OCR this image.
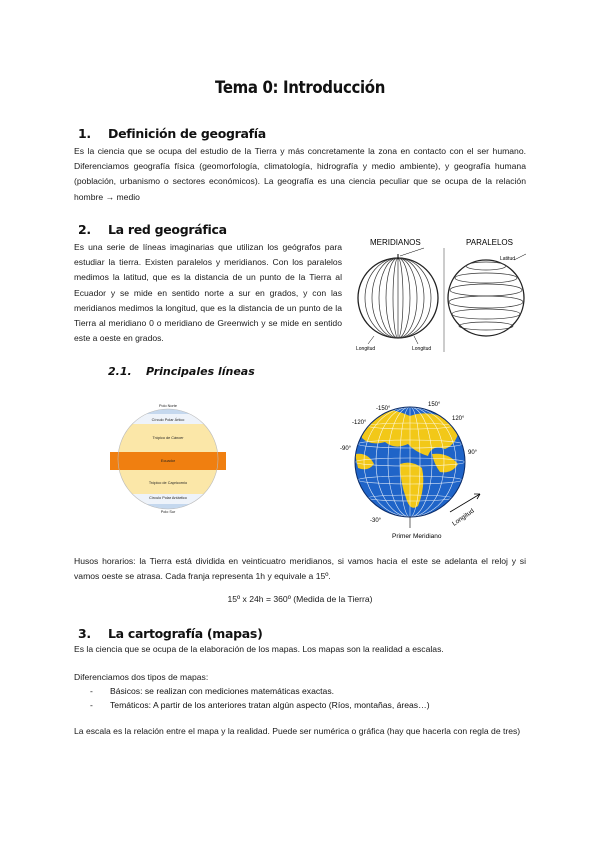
Tema 0: Introducción
1. Definición de geografía
Es la ciencia que se ocupa del estudio de la Tierra y más concretamente la zona en contacto con el ser humano. Diferenciamos geografía física (geomorfología, climatología, hidrografía y medio ambiente), y geografía humana (población, urbanismo o sectores económicos). La geografía es una ciencia peculiar que se ocupa de la relación hombre → medio
2. La red geográfica
Es una serie de líneas imaginarias que utilizan los geógrafos para estudiar la tierra. Existen paralelos y meridianos. Con los paralelos medimos la latitud, que es la distancia de un punto de la Tierra al Ecuador y se mide en sentido norte a sur en grados, y con las meridianos medimos la longitud, que es la distancia de un punto de la Tierra al meridiano 0 o meridiano de Greenwich y se mide en sentido este a oeste en grados.
MERIDIANOS	PARALELOS
Longitud	Longitud
Latitud
2.1. Principales líneas
Polo Norte
Círculo Polar Ártico
Trópico de Cáncer
Ecuador
Trópico de Capricornio
Círculo Polar Antártico
Polo Sur
-150°
-120°
-90°
150°
120°
90°
-30°
Primer Meridiano
Longitud
Husos horarios: la Tierra está dividida en veinticuatro meridianos, si vamos hacia el este se adelanta el reloj y si vamos oeste se atrasa. Cada franja representa 1h y equivale a 15º.
15º x 24h = 360º (Medida de la Tierra)
3. La cartografía (mapas)
Es la ciencia que se ocupa de la elaboración de los mapas. Los mapas son la realidad a escalas.
Diferenciamos dos tipos de mapas:
- Básicos: se realizan con mediciones matemáticas exactas.
- Temáticos: A partir de los anteriores tratan algún aspecto (Ríos, montañas, áreas…)
La escala es la relación entre el mapa y la realidad. Puede ser numérica o gráfica (hay que hacerla con regla de tres)
